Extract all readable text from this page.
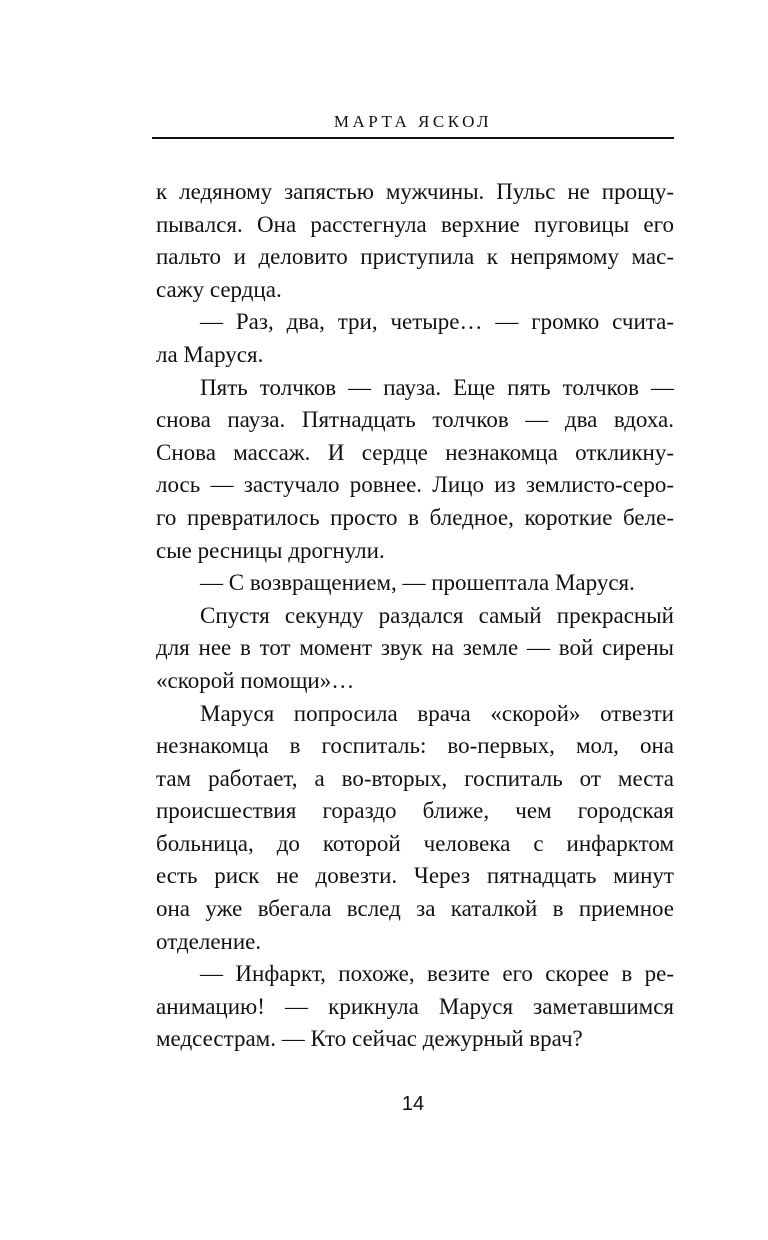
МАРТА ЯСКОЛ
к ледяному запястью мужчины. Пульс не прощу-
пывался. Она расстегнула верхние пуговицы его
пальто и деловито приступила к непрямому мас-
сажу сердца.
— Раз, два, три, четыре… — громко счита-
ла Маруся.
Пять толчков — пауза. Еще пять толчков —
снова пауза. Пятнадцать толчков — два вдоха.
Снова массаж. И сердце незнакомца откликну-
лось — застучало ровнее. Лицо из землисто-серо-
го превратилось просто в бледное, короткие беле-
сые ресницы дрогнули.
— С возвращением, — прошептала Маруся.
Спустя секунду раздался самый прекрасный
для нее в тот момент звук на земле — вой сирены
«скорой помощи»…
Маруся попросила врача «скорой» отвезти
незнакомца в госпиталь: во-первых, мол, она
там работает, а во-вторых, госпиталь от места
происшествия гораздо ближе, чем городская
больница, до которой человека с инфарктом
есть риск не довезти. Через пятнадцать минут
она уже вбегала вслед за каталкой в приемное
отделение.
— Инфаркт, похоже, везите его скорее в ре-
анимацию! — крикнула Маруся заметавшимся
медсестрам. — Кто сейчас дежурный врач?
14
